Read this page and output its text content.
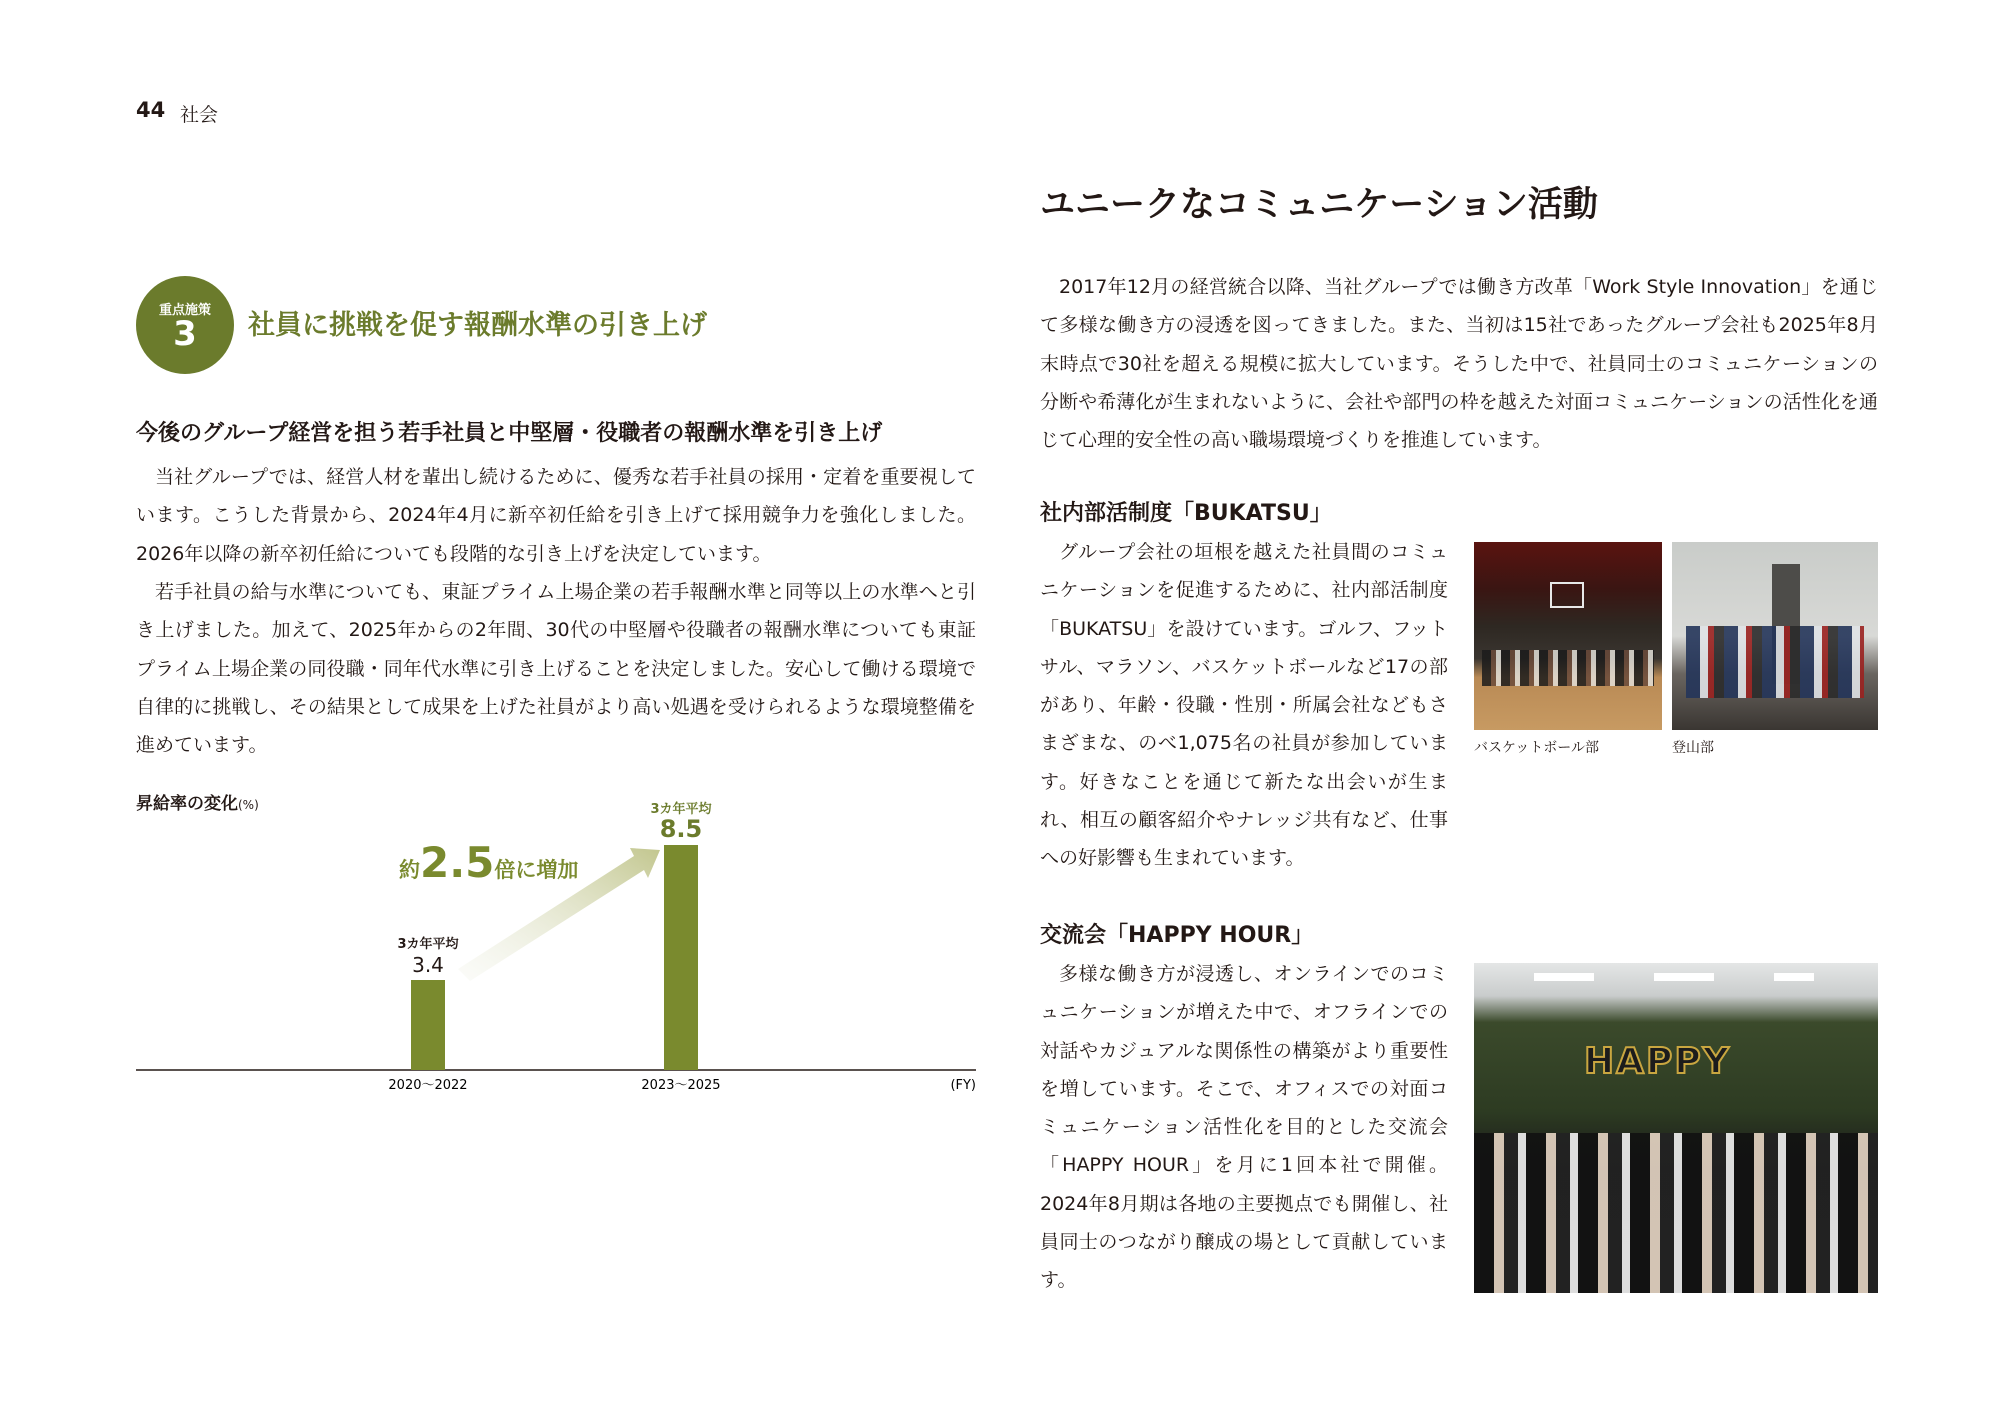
44 社会
重点施策
3	社員に挑戦を促す報酬水準の引き上げ
今後のグループ経営を担う若手社員と中堅層・役職者の報酬水準を引き上げ

当社グループでは、経営人材を輩出し続けるために、優秀な若手社員の採用・定着を重要視しています。こうした背景から、2024年4月に新卒初任給を引き上げて採用競争力を強化しました。2026年以降の新卒初任給についても段階的な引き上げを決定しています。

若手社員の給与水準についても、東証プライム上場企業の若手報酬水準と同等以上の水準へと引き上げました。加えて、2025年からの2年間、30代の中堅層や役職者の報酬水準についても東証プライム上場企業の同役職・同年代水準に引き上げることを決定しました。安心して働ける環境で自律的に挑戦し、その結果として成果を上げた社員がより高い処遇を受けられるような環境整備を進めています。

昇給率の変化(%)
3カ年平均
3.4
2020～2022
3カ年平均
8.5
2023～2025	(FY)
約2.5倍に増加
ユニークなコミュニケーション活動

2017年12月の経営統合以降、当社グループでは働き方改革「Work Style Innovation」を通じて多様な働き方の浸透を図ってきました。また、当初は15社であったグループ会社も2025年8月末時点で30社を超える規模に拡大しています。そうした中で、社員同士のコミュニケーションの分断や希薄化が生まれないように、会社や部門の枠を越えた対面コミュニケーションの活性化を通じて心理的安全性の高い職場環境づくりを推進しています。

社内部活制度「BUKATSU」

グループ会社の垣根を越えた社員間のコミュニケーションを促進するために、社内部活制度「BUKATSU」を設けています。ゴルフ、フットサル、マラソン、バスケットボールなど17の部があり、年齢・役職・性別・所属会社などもさまざまな、のべ1,075名の社員が参加しています。好きなことを通じて新たな出会いが生まれ、相互の顧客紹介やナレッジ共有など、仕事への好影響も生まれています。

バスケットボール部	登山部
交流会「HAPPY HOUR」

多様な働き方が浸透し、オンラインでのコミュニケーションが増えた中で、オフラインでの対話やカジュアルな関係性の構築がより重要性を増しています。そこで、オフィスでの対面コミュニケーション活性化を目的とした交流会「HAPPY HOUR」を月に1回本社で開催。2024年8月期は各地の主要拠点でも開催し、社員同士のつながり醸成の場として貢献しています。

HAPPY
